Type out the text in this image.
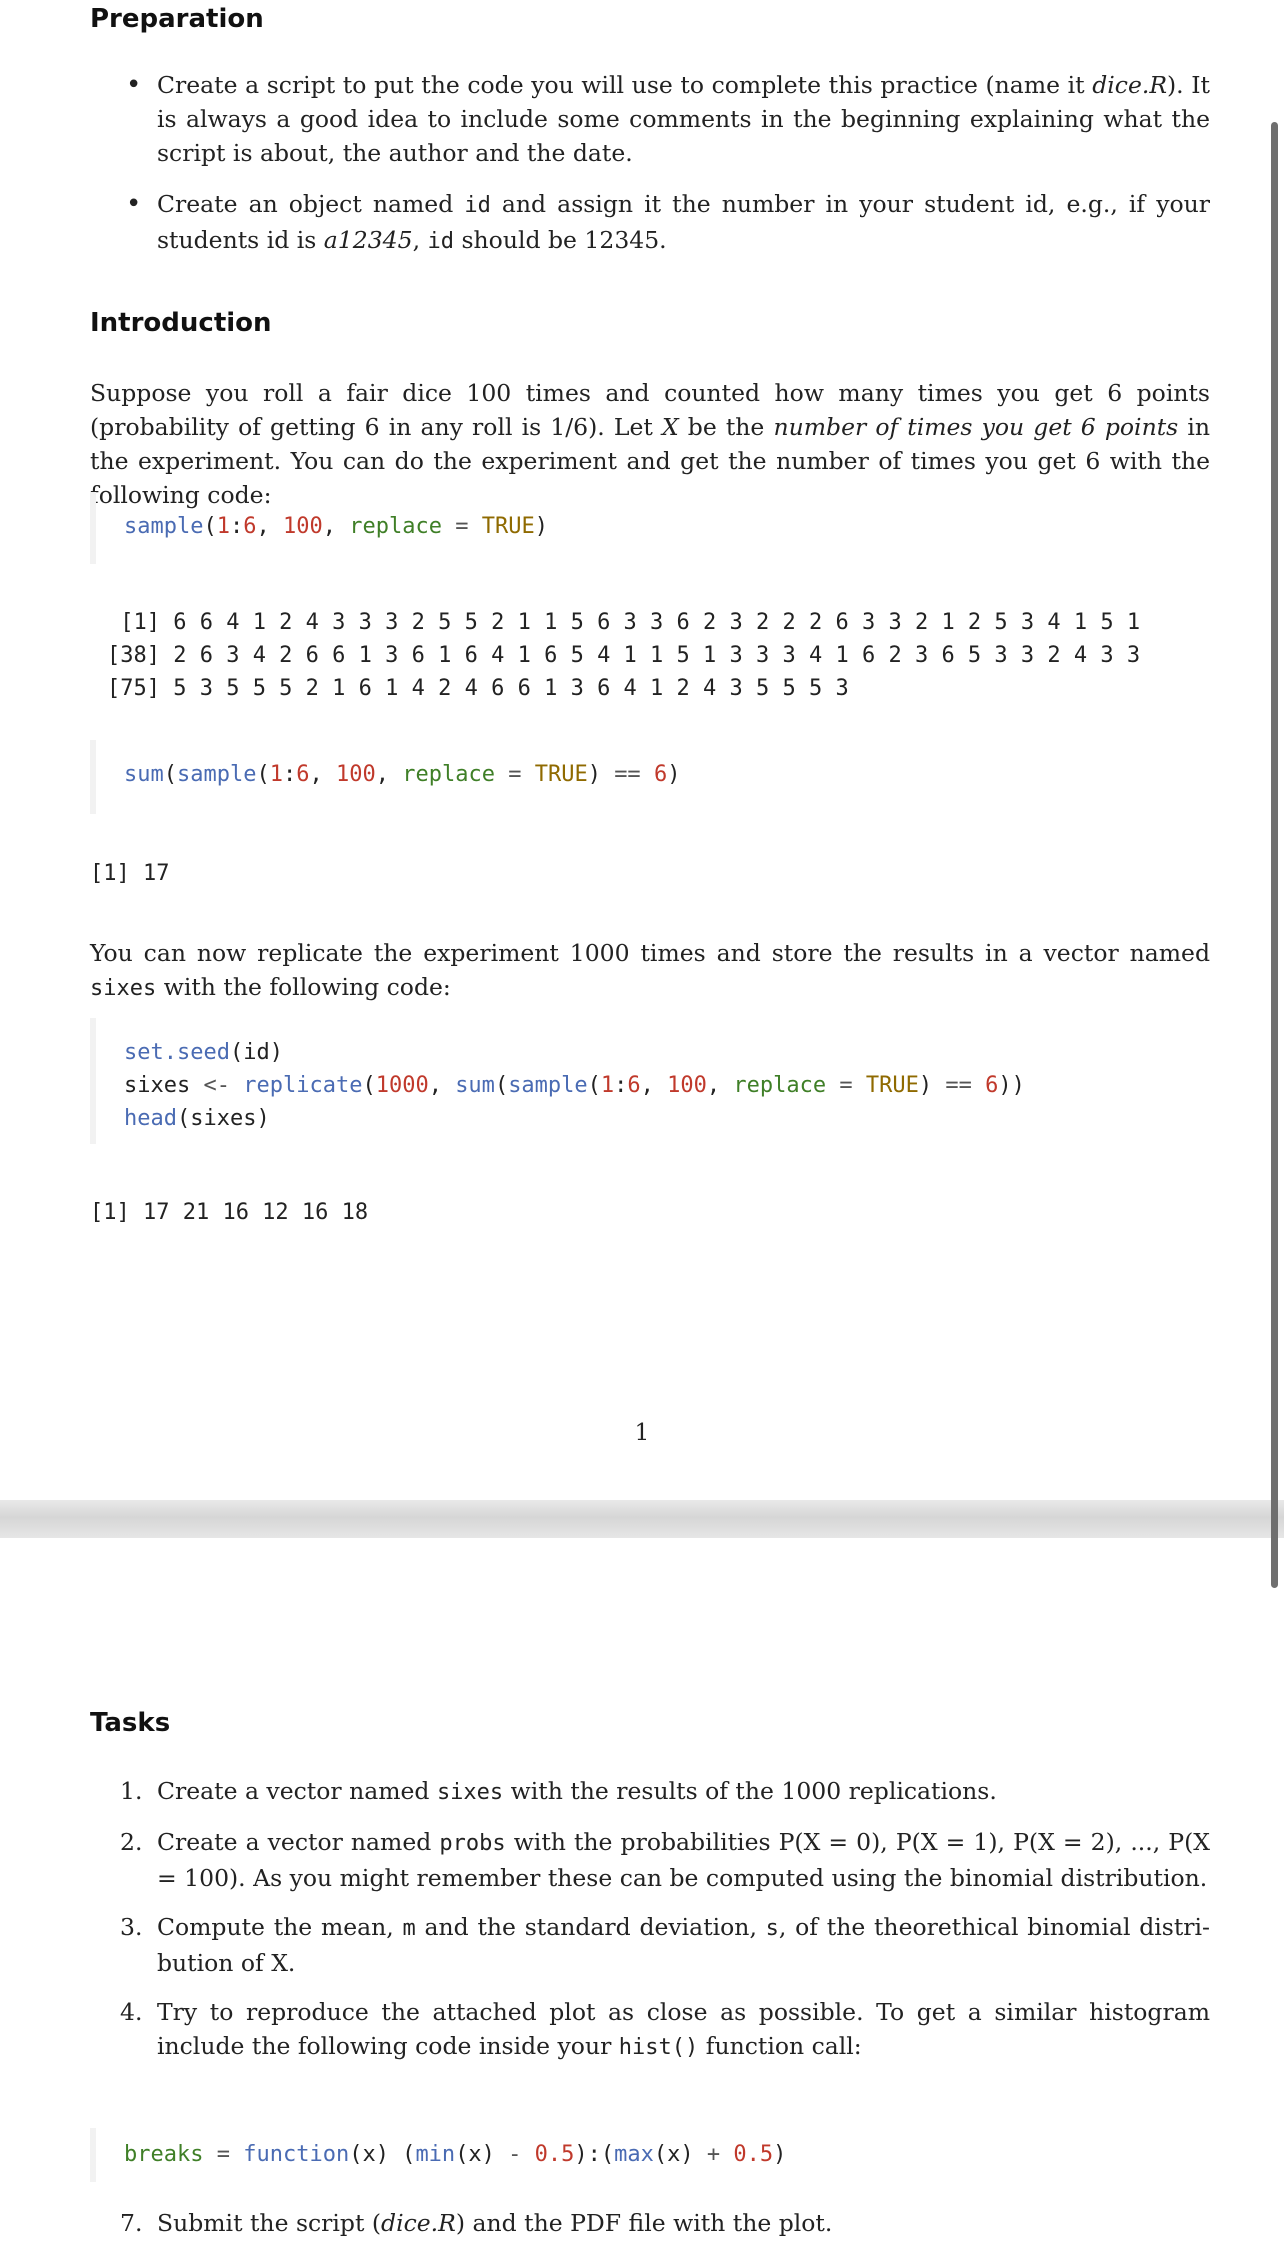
Preparation
• Create a script to put the code you will use to complete this practice (name it dice.R). It is always a good idea to include some comments in the beginning explaining what the script is about, the author and the date.
• Create an object named id and assign it the number in your student id, e.g., if your students id is a12345, id should be 12345.
Introduction

Suppose you roll a fair dice 100 times and counted how many times you get 6 points (probability of getting 6 in any roll is 1/6). Let X be the number of times you get 6 points in the experiment. You can do the experiment and get the number of times you get 6 with the following code:

sample(1:6, 100, replace = TRUE)
[1] 6 6 4 1 2 4 3 3 3 2 5 5 2 1 1 5 6 3 3 6 2 3 2 2 2 6 3 3 2 1 2 5 3 4 1 5 1
[38] 2 6 3 4 2 6 6 1 3 6 1 6 4 1 6 5 4 1 1 5 1 3 3 3 4 1 6 2 3 6 5 3 3 2 4 3 3
[75] 5 3 5 5 5 2 1 6 1 4 2 4 6 6 1 3 6 4 1 2 4 3 5 5 5 3
sum(sample(1:6, 100, replace = TRUE) == 6)
[1] 17

You can now replicate the experiment 1000 times and store the results in a vector named sixes with the following code:

set.seed(id)
sixes <- replicate(1000, sum(sample(1:6, 100, replace = TRUE) == 6))
head(sixes)
[1] 17 21 16 12 16 18
1
Tasks
1. Create a vector named sixes with the results of the 1000 replications.
2. Create a vector named probs with the probabilities P(X = 0), P(X = 1), P(X = 2), ..., P(X = 100). As you might remember these can be computed using the binomial distribution.
3. Compute the mean, m and the standard deviation, s, of the theorethical binomial distri-bution of X.
4. Try to reproduce the attached plot as close as possible. To get a similar histogram include the following code inside your hist() function call:
breaks = function(x) (min(x) - 0.5):(max(x) + 0.5)
7. Submit the script (dice.R) and the PDF file with the plot.
